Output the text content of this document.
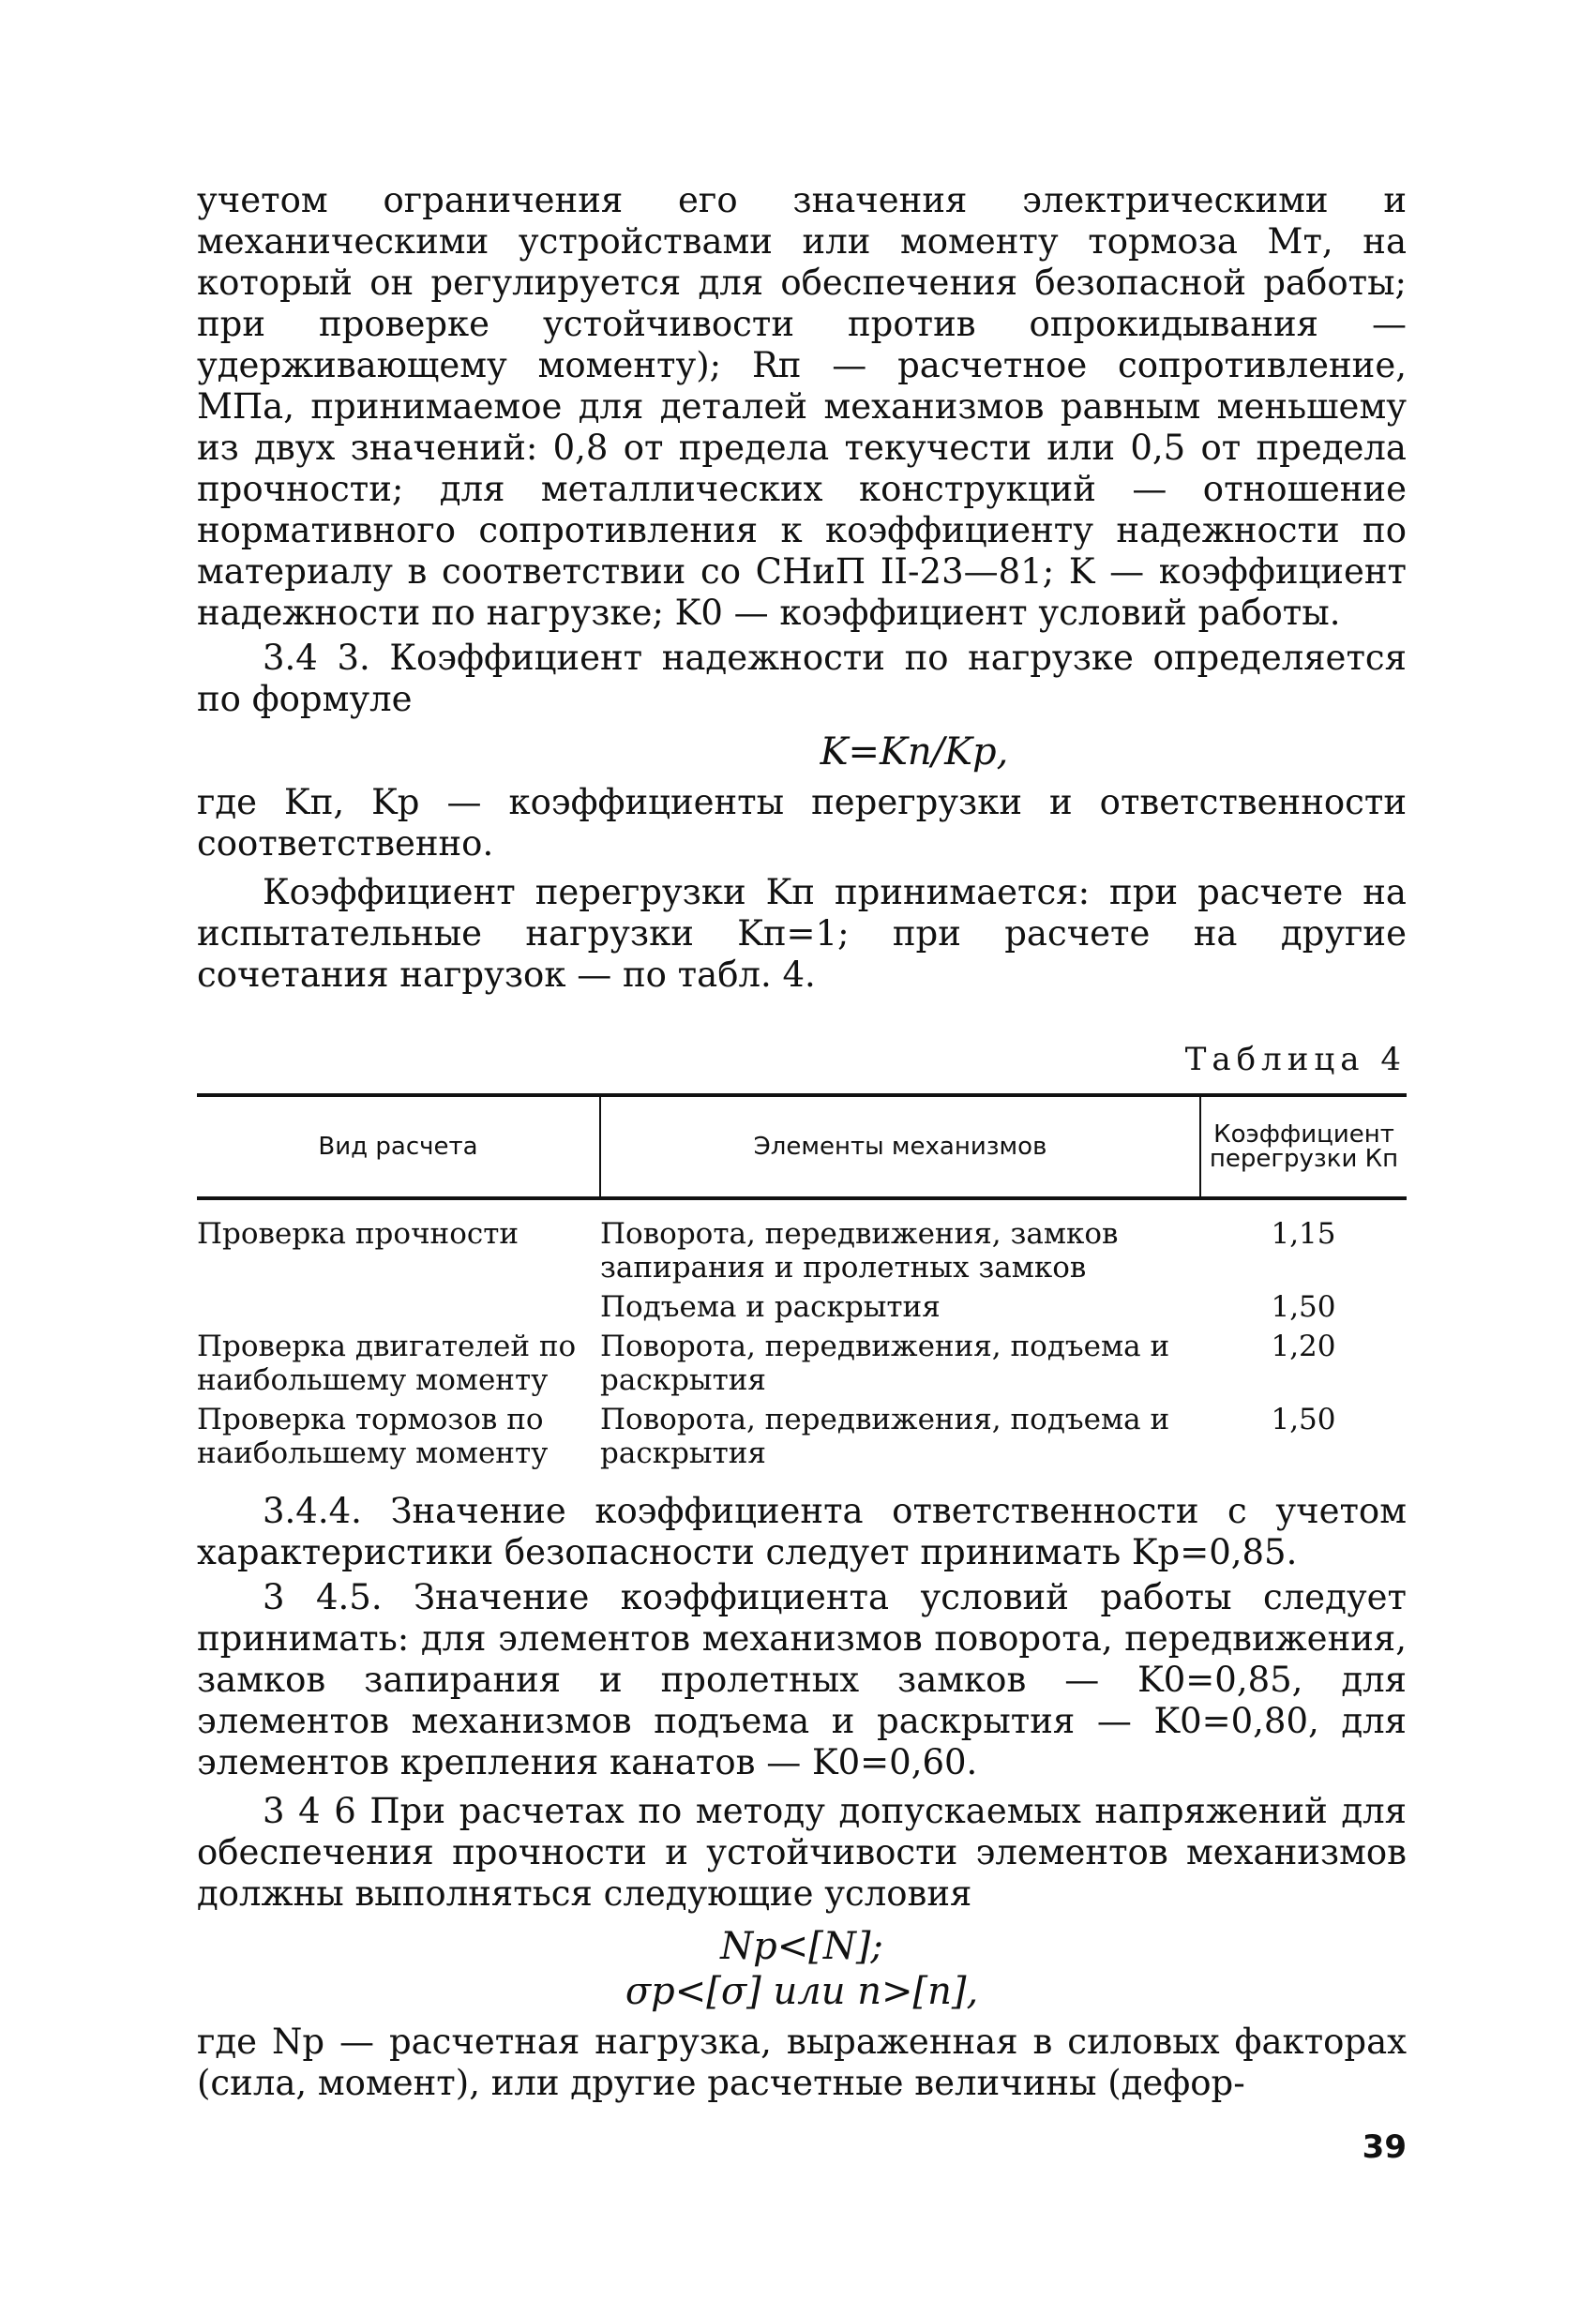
учетом ограничения его значения электрическими и механическими устройствами или моменту тормоза Mт, на который он регулируется для обеспечения безопасной работы; при проверке устойчивости против опрокидывания — удерживающему моменту); Rп — расчетное сопротивление, МПа, принимаемое для деталей механизмов равным меньшему из двух значений: 0,8 от предела текучести или 0,5 от предела прочности; для металлических конструкций — отношение нормативного сопротивления к коэффициенту надежности по материалу в соответствии со СНиП II-23—81; K — коэффициент надежности по нагрузке; K0 — коэффициент условий работы.

3.4 3. Коэффициент надежности по нагрузке определяется по формуле

K=Kп/Kр,

где Kп, Kр — коэффициенты перегрузки и ответственности соответственно.

Коэффициент перегрузки Kп принимается: при расчете на испытательные нагрузки Kп=1; при расчете на другие сочетания нагрузок — по табл. 4.

Таблица 4
Вид расчета	Элементы механизмов	Коэффициент перегрузки Кп
Проверка прочности	Поворота, передвижения, замков запирания и пролетных замков	1,15
	Подъема и раскрытия	1,50
Проверка двигателей по наибольшему моменту	Поворота, передвижения, подъема и раскрытия	1,20
Проверка тормозов по наибольшему моменту	Поворота, передвижения, подъема и раскрытия	1,50

3.4.4. Значение коэффициента ответственности с учетом характеристики безопасности следует принимать Kр=0,85.

3 4.5. Значение коэффициента условий работы следует принимать: для элементов механизмов поворота, передвижения, замков запирания и пролетных замков — K0=0,85, для элементов механизмов подъема и раскрытия — K0=0,80, для элементов крепления канатов — K0=0,60.

3 4 6 При расчетах по методу допускаемых напряжений для обеспечения прочности и устойчивости элементов механизмов должны выполняться следующие условия

Nр<[N];

σр<[σ] или n>[n],

где Nр — расчетная нагрузка, выраженная в силовых факторах (сила, момент), или другие расчетные величины (дефор-

39
